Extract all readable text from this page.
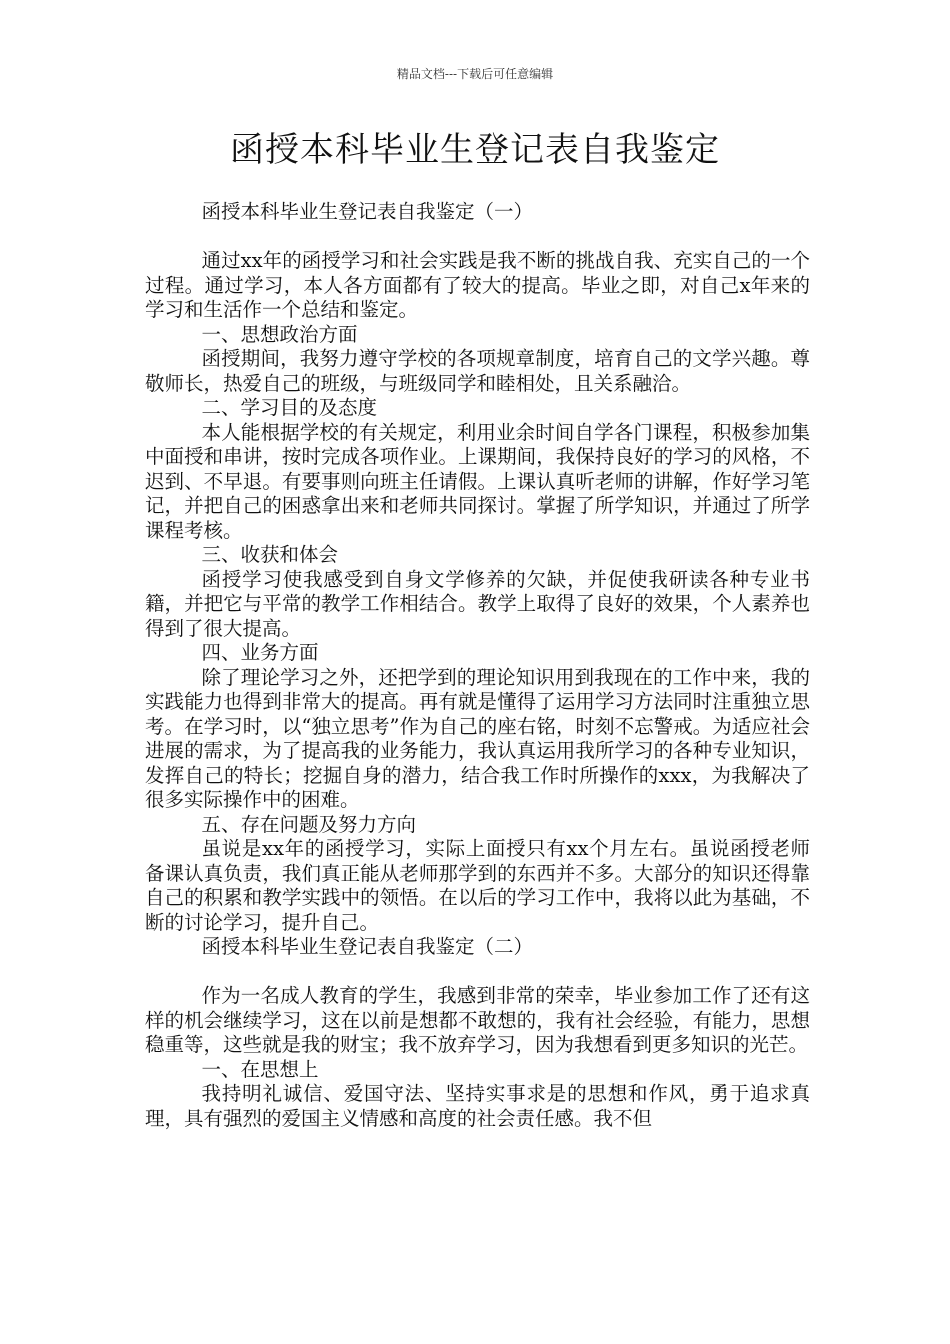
精品文档---下载后可任意编辑
函授本科毕业生登记表自我鉴定

函授本科毕业生登记表自我鉴定（一）

通过xx年的函授学习和社会实践是我不断的挑战自我、充实自己的一个过程。通过学习，本人各方面都有了较大的提高。毕业之即，对自己x年来的学习和生活作一个总结和鉴定。

一、思想政治方面

函授期间，我努力遵守学校的各项规章制度，培育自己的文学兴趣。尊敬师长，热爱自己的班级，与班级同学和睦相处，且关系融洽。

二、学习目的及态度

本人能根据学校的有关规定，利用业余时间自学各门课程，积极参加集中面授和串讲，按时完成各项作业。上课期间，我保持良好的学习的风格，不迟到、不早退。有要事则向班主任请假。上课认真听老师的讲解，作好学习笔记，并把自己的困惑拿出来和老师共同探讨。掌握了所学知识，并通过了所学课程考核。

三、收获和体会

函授学习使我感受到自身文学修养的欠缺，并促使我研读各种专业书籍，并把它与平常的教学工作相结合。教学上取得了良好的效果，个人素养也得到了很大提高。

四、业务方面

除了理论学习之外，还把学到的理论知识用到我现在的工作中来，我的实践能力也得到非常大的提高。再有就是懂得了运用学习方法同时注重独立思考。在学习时，以“独立思考”作为自己的座右铭，时刻不忘警戒。为适应社会进展的需求，为了提高我的业务能力，我认真运用我所学习的各种专业知识，发挥自己的特长；挖掘自身的潜力，结合我工作时所操作的xxx，为我解决了很多实际操作中的困难。

五、存在问题及努力方向

虽说是xx年的函授学习，实际上面授只有xx个月左右。虽说函授老师备课认真负责，我们真正能从老师那学到的东西并不多。大部分的知识还得靠自己的积累和教学实践中的领悟。在以后的学习工作中，我将以此为基础，不断的讨论学习，提升自己。

函授本科毕业生登记表自我鉴定（二）

作为一名成人教育的学生，我感到非常的荣幸，毕业参加工作了还有这样的机会继续学习，这在以前是想都不敢想的，我有社会经验，有能力，思想稳重等，这些就是我的财宝；我不放弃学习，因为我想看到更多知识的光芒。

一、在思想上

我持明礼诚信、爱国守法、坚持实事求是的思想和作风，勇于追求真理，具有强烈的爱国主义情感和高度的社会责任感。我不但
